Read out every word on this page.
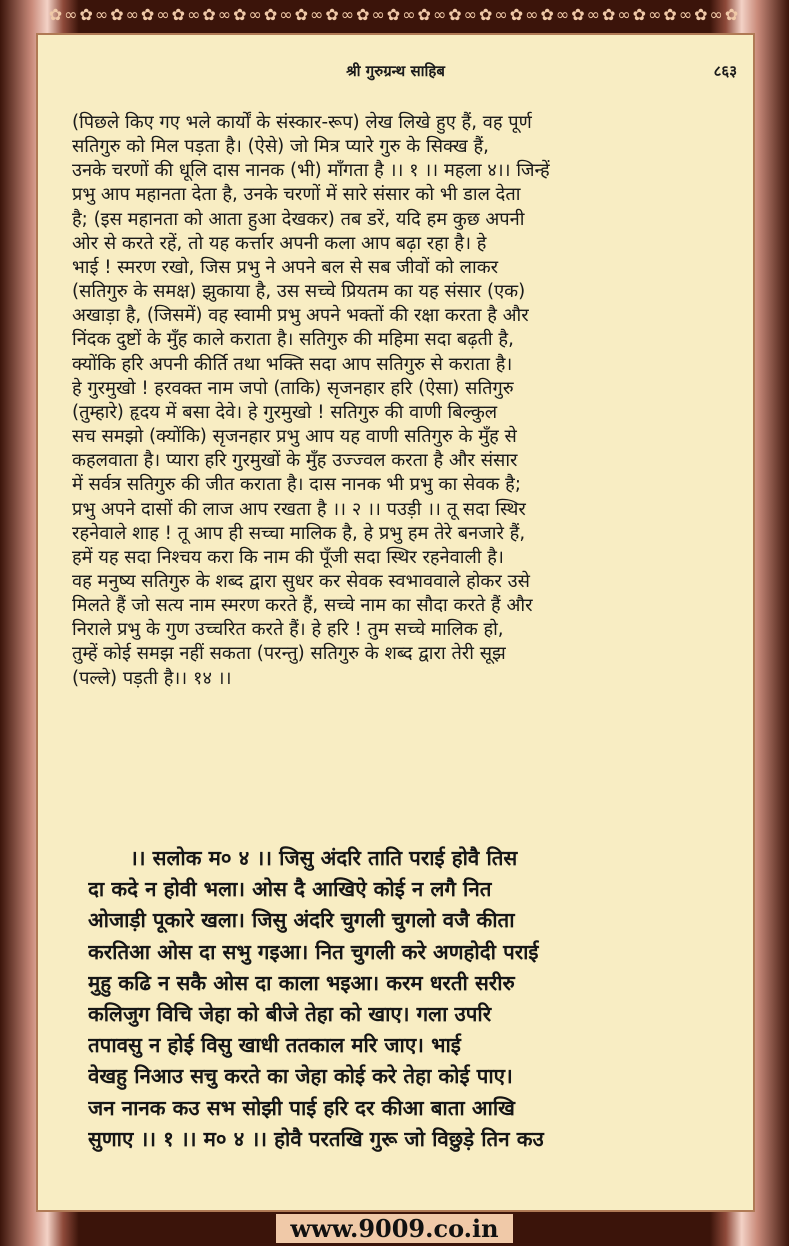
✿∞✿∞✿∞✿∞✿∞✿∞✿∞✿∞✿∞✿∞✿∞✿∞✿∞✿∞✿∞✿∞✿∞✿∞✿∞✿∞✿∞✿∞✿
श्री गुरुग्रन्थ साहिब	८६३
(पिछले किए गए भले कार्यों के संस्कार-रूप) लेख लिखे हुए हैं, वह पूर्ण
सतिगुरु को मिल पड़ता है। (ऐसे) जो मित्र प्यारे गुरु के सिक्ख हैं,
उनके चरणों की धूलि दास नानक (भी) माँगता है ।। १ ।। महला ४।। जिन्हें
प्रभु आप महानता देता है, उनके चरणों में सारे संसार को भी डाल देता
है; (इस महानता को आता हुआ देखकर) तब डरें, यदि हम कुछ अपनी
ओर से करते रहें, तो यह कर्त्तार अपनी कला आप बढ़ा रहा है। हे
भाई ! स्मरण रखो, जिस प्रभु ने अपने बल से सब जीवों को लाकर
(सतिगुरु के समक्ष) झुकाया है, उस सच्चे प्रियतम का यह संसार (एक)
अखाड़ा है, (जिसमें) वह स्वामी प्रभु अपने भक्तों की रक्षा करता है और
निंदक दुष्टों के मुँह काले कराता है। सतिगुरु की महिमा सदा बढ़ती है,
क्योंकि हरि अपनी कीर्ति तथा भक्ति सदा आप सतिगुरु से कराता है।
हे गुरमुखो ! हरवक्त नाम जपो (ताकि) सृजनहार हरि (ऐसा) सतिगुरु
(तुम्हारे) हृदय में बसा देवे। हे गुरमुखो ! सतिगुरु की वाणी बिल्कुल
सच समझो (क्योंकि) सृजनहार प्रभु आप यह वाणी सतिगुरु के मुँह से
कहलवाता है। प्यारा हरि गुरमुखों के मुँह उज्ज्वल करता है और संसार
में सर्वत्र सतिगुरु की जीत कराता है। दास नानक भी प्रभु का सेवक है;
प्रभु अपने दासों की लाज आप रखता है ।। २ ।। पउड़ी ।। तू सदा स्थिर
रहनेवाले शाह ! तू आप ही सच्चा मालिक है, हे प्रभु हम तेरे बनजारे हैं,
हमें यह सदा निश्चय करा कि नाम की पूँजी सदा स्थिर रहनेवाली है।
वह मनुष्य सतिगुरु के शब्द द्वारा सुधर कर सेवक स्वभाववाले होकर उसे
मिलते हैं जो सत्य नाम स्मरण करते हैं, सच्चे नाम का सौदा करते हैं और
निराले प्रभु के गुण उच्चरित करते हैं। हे हरि ! तुम सच्चे मालिक हो,
तुम्हें कोई समझ नहीं सकता (परन्तु) सतिगुरु के शब्द द्वारा तेरी सूझ
(पल्ले) पड़ती है।। १४ ।।
।। सलोक म० ४ ।। जिसु अंदरि ताति पराई होवै तिस
दा कदे न होवी भला। ओस दै आखिऐ कोई न लगै नित
ओजाड़ी पूकारे खला। जिसु अंदरि चुगली चुगलो वजै कीता
करतिआ ओस दा सभु गइआ। नित चुगली करे अणहोदी पराई
मुहु कढि न सकै ओस दा काला भइआ। करम धरती सरीरु
कलिजुग विचि जेहा को बीजे तेहा को खाए। गला उपरि
तपावसु न होई विसु खाधी ततकाल मरि जाए। भाई
वेखहु निआउ सचु करते का जेहा कोई करे तेहा कोई पाए।
जन नानक कउ सभ सोझी पाई हरि दर कीआ बाता आखि
सुणाए ।। १ ।। म० ४ ।। होवै परतखि गुरू जो विछुड़े तिन कउ
www.9009.co.in
